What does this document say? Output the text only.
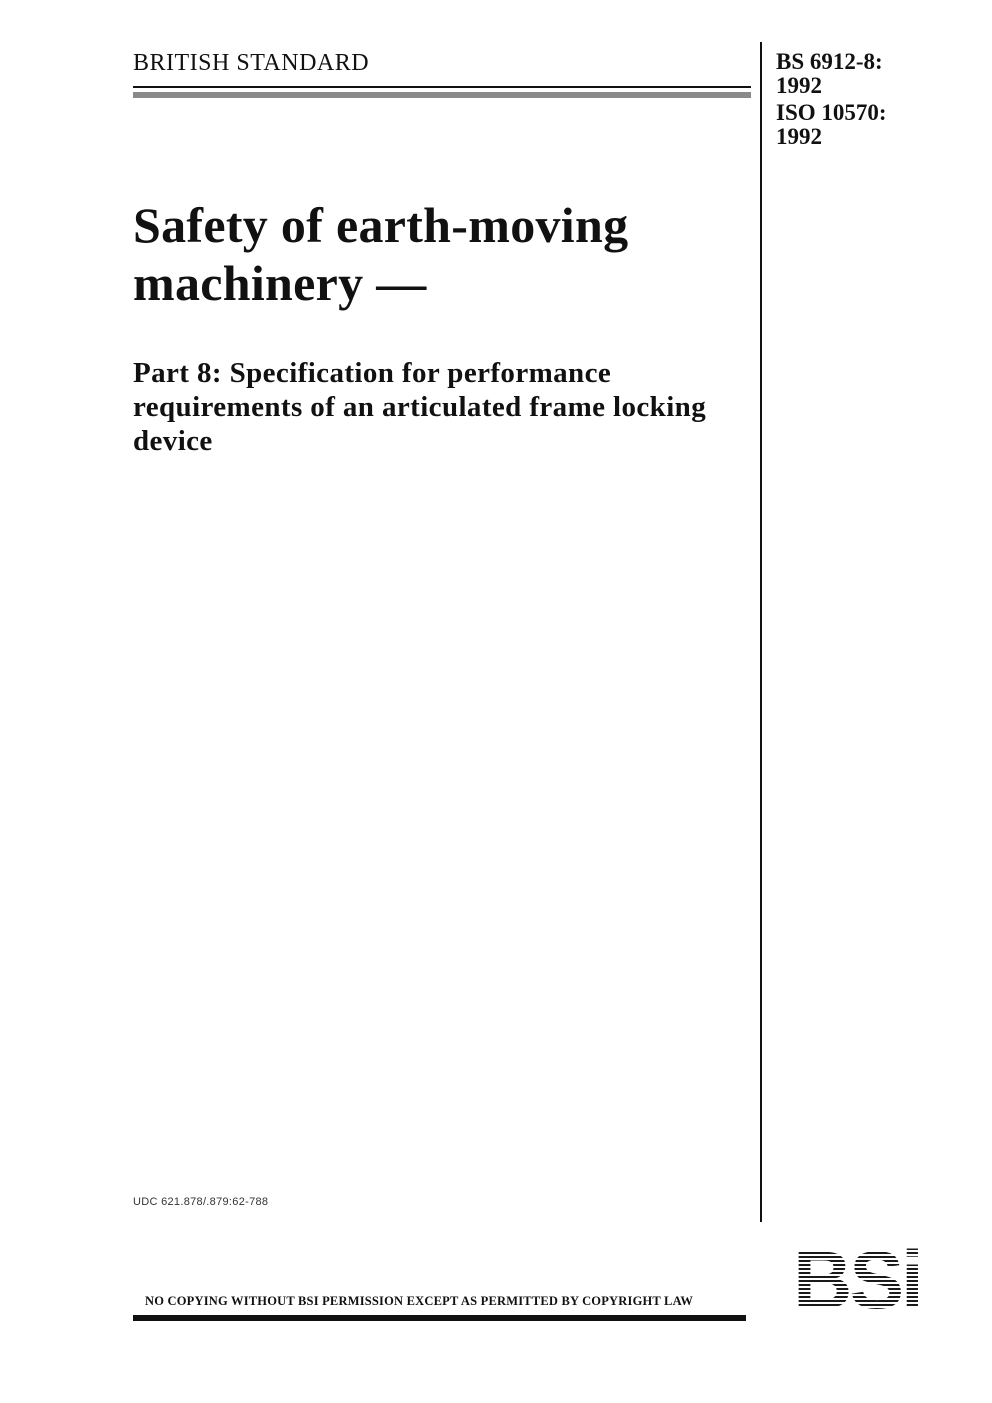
BRITISH STANDARD	BS 6912-8:
1992
ISO 10570:
1992
Safety of earth-moving machinery —
Part 8: Specification for performance requirements of an articulated frame locking device
UDC 621.878/.879:62-788
NO COPYING WITHOUT BSI PERMISSION EXCEPT AS PERMITTED BY COPYRIGHT LAW BSi
